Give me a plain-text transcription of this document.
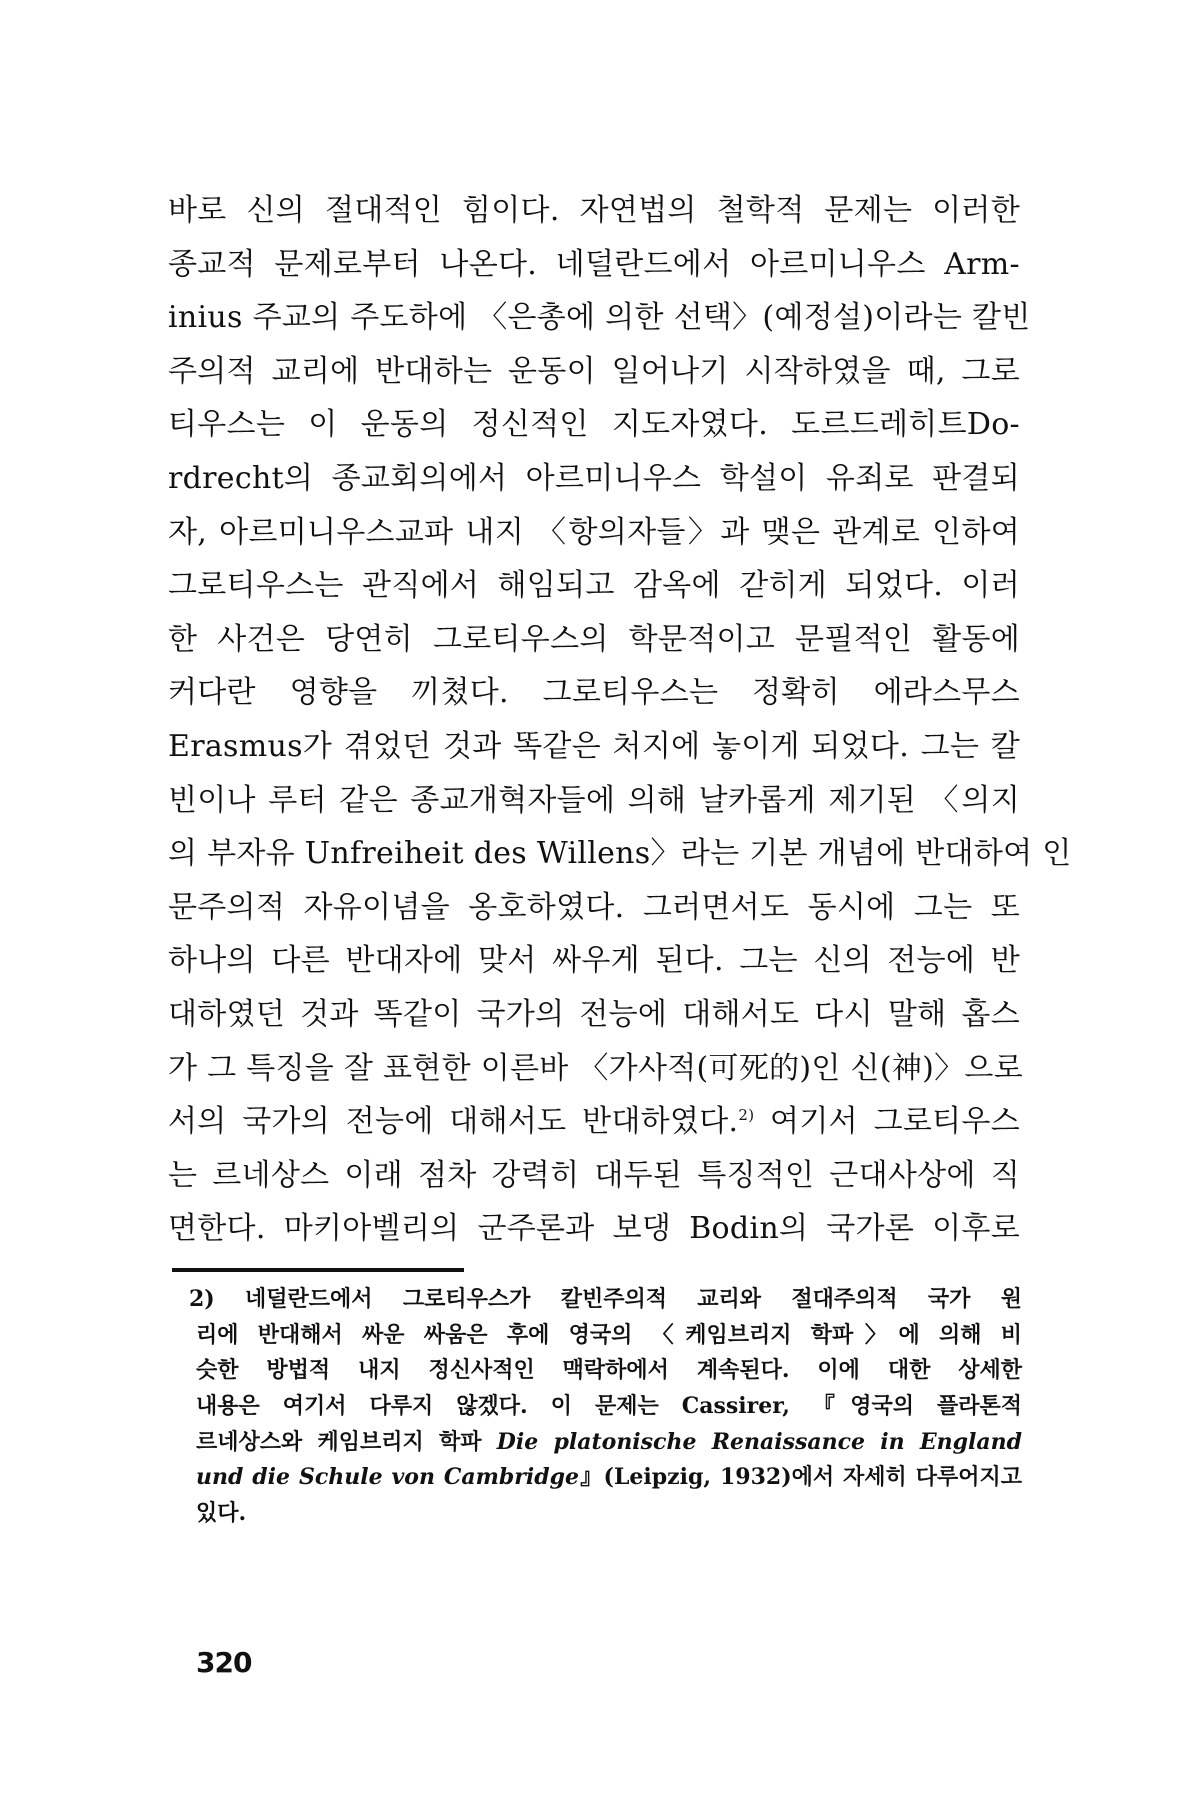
바로 신의 절대적인 힘이다. 자연법의 철학적 문제는 이러한
종교적 문제로부터 나온다. 네덜란드에서 아르미니우스 Arm-
inius 주교의 주도하에 〈은총에 의한 선택〉(예정설)이라는 칼빈
주의적 교리에 반대하는 운동이 일어나기 시작하였을 때, 그로
티우스는 이 운동의 정신적인 지도자였다. 도르드레히트Do-
rdrecht의 종교회의에서 아르미니우스 학설이 유죄로 판결되
자, 아르미니우스교파 내지 〈항의자들〉과 맺은 관계로 인하여
그로티우스는 관직에서 해임되고 감옥에 갇히게 되었다. 이러
한 사건은 당연히 그로티우스의 학문적이고 문필적인 활동에
커다란 영향을 끼쳤다. 그로티우스는 정확히 에라스무스
Erasmus가 겪었던 것과 똑같은 처지에 놓이게 되었다. 그는 칼
빈이나 루터 같은 종교개혁자들에 의해 날카롭게 제기된 〈의지
의 부자유 Unfreiheit des Willens〉라는 기본 개념에 반대하여 인
문주의적 자유이념을 옹호하였다. 그러면서도 동시에 그는 또
하나의 다른 반대자에 맞서 싸우게 된다. 그는 신의 전능에 반
대하였던 것과 똑같이 국가의 전능에 대해서도 다시 말해 홉스
가 그 특징을 잘 표현한 이른바 〈가사적(可死的)인 신(神)〉으로
서의 국가의 전능에 대해서도 반대하였다.$^{2)}$ 여기서 그로티우스
는 르네상스 이래 점차 강력히 대두된 특징적인 근대사상에 직
면한다. 마키아벨리의 군주론과 보댕 Bodin의 국가론 이후로
2) 네덜란드에서 그로티우스가 칼빈주의적 교리와 절대주의적 국가 원
리에 반대해서 싸운 싸움은 후에 영국의 〈케임브리지 학파〉에 의해 비
슷한 방법적 내지 정신사적인 맥락하에서 계속된다. 이에 대한 상세한
내용은 여기서 다루지 않겠다. 이 문제는 Cassirer, 『영국의 플라톤적
르네상스와 케임브리지 학파 Die platonische Renaissance in England
und die Schule von Cambridge』(Leipzig, 1932)에서 자세히 다루어지고
있다.
320
